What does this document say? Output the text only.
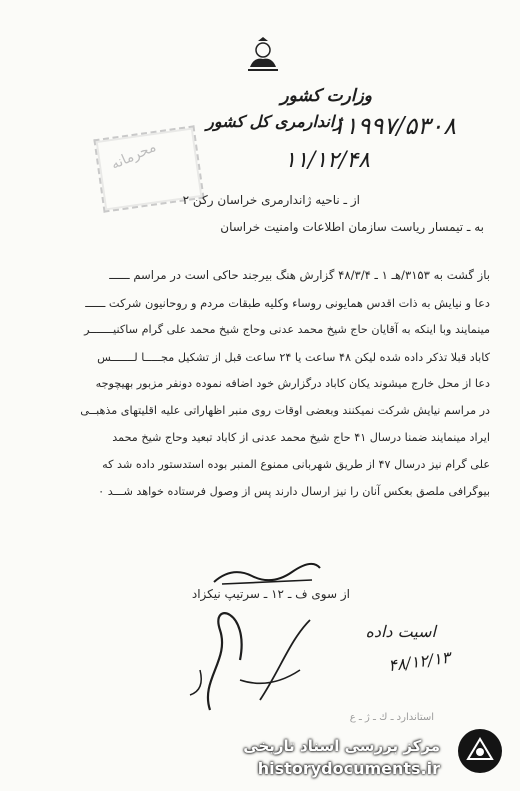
وزارت کشور
ژاندارمری کل کشور
۱۱۹۹۷/۵۳۰۸
۱۱/۱۲/۴۸
محرمانه
از ـ ناحیه ژاندارمری خراسان رکن ۲
به ـ تیمسار ریاست سازمان اطلاعات وامنیت خراسان
باز گشت به ۳۱۵۳/هـ ۱ ـ ۴۸/۳/۴ گزارش هنگ بیرجند حاکی است در مراسم ــــــ
دعا و نیایش به ذات اقدس همایونی روساء وکلیه طبقات مردم و روحانیون شرکت ــــــ
مینمایند وبا اینکه به آقایان حاج شیخ محمد عدنی وحاج شیخ محمد علی گرام ساکنیـــــــر
کاباد قبلا تذکر داده شده لیکن ۴۸ ساعت یا ۲۴ ساعت قبل از تشکیل مجـــــا لـــــــس
دعا از محل خارج میشوند یکان کاباد درگزارش خود اضافه نموده دونفر مزبور بهیچوجه
در مراسم نیایش شرکت نمیکنند وبعضی اوقات روی منبر اظهاراتی علیه اقلیتهای مذهبــی
ایراد مینمایند ضمنا درسال ۴۱ حاج شیخ محمد عدنی از کاباد تبعید وحاج شیخ محمد
علی گرام نیز درسال ۴۷ از طریق شهربانی ممنوع المنبر بوده استدستور داده شد که
بیوگرافی ملصق بعکس آنان را نیز ارسال دارند پس از وصول فرستاده خواهد شـــد ٠
از سوی ف ـ ۱۲ ـ سرتیپ نیکزاد
اسیت داده
۴۸/۱۲/۱۳
استاندارد ـ ك ـ ژ ـ ع
مرکز بررسی اسناد تاریخی
historydocuments.ir
